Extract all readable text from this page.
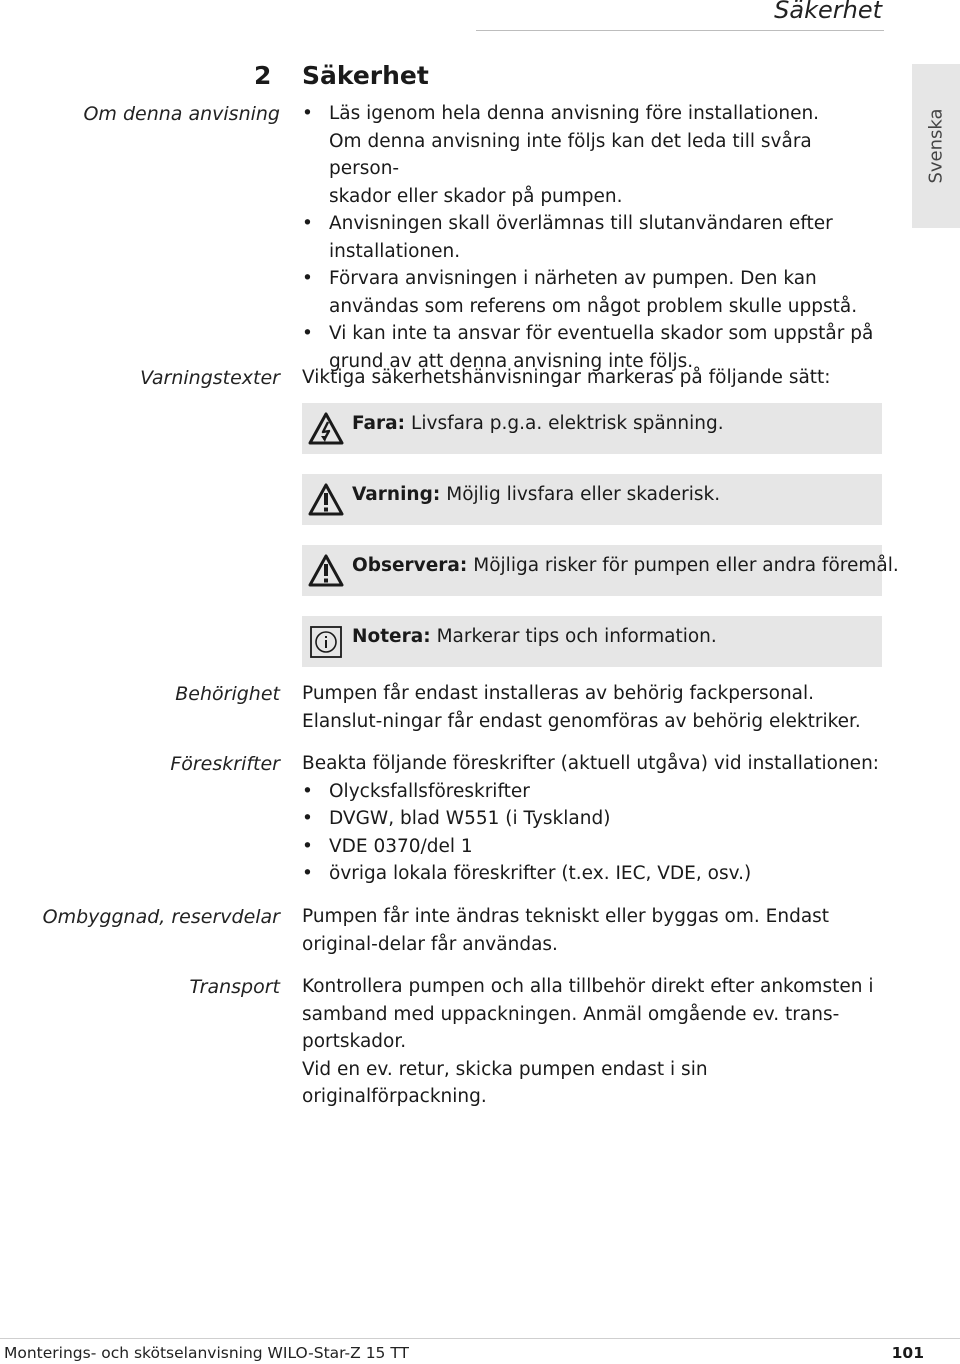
Säkerhet
Svenska
2 Säkerhet
Om denna anvisning
•	Läs igenom hela denna anvisning före installationen.
Om denna anvisning inte följs kan det leda till svåra person-
skador eller skador på pumpen.
• Anvisningen skall överlämnas till slutanvändaren efter installationen.
• Förvara anvisningen i närheten av pumpen. Den kan användas som referens om något problem skulle uppstå.
• Vi kan inte ta ansvar för eventuella skador som uppstår på grund av att denna anvisning inte följs.
Varningstexter Viktiga säkerhetshänvisningar markeras på följande sätt:
Fara: Livsfara p.g.a. elektrisk spänning.
Varning: Möjlig livsfara eller skaderisk.
Observera: Möjliga risker för pumpen eller andra föremål.
Notera: Markerar tips och information.
Behörighet Pumpen får endast installeras av behörig fackpersonal. Elanslut-ningar får endast genomföras av behörig elektriker.
Föreskrifter Beakta följande föreskrifter (aktuell utgåva) vid installationen:
• Olycksfallsföreskrifter
• DVGW, blad W551 (i Tyskland)
• VDE 0370/del 1
• övriga lokala föreskrifter (t.ex. IEC, VDE, osv.)
Ombyggnad, reservdelar Pumpen får inte ändras tekniskt eller byggas om. Endast original-delar får användas.
Transport Kontrollera pumpen och alla tillbehör direkt efter ankomsten i samband med uppackningen. Anmäl omgående ev. trans-portskador.
Vid en ev. retur, skicka pumpen endast i sin originalförpackning.
Monterings- och skötselanvisning WILO-Star-Z 15 TT	101
